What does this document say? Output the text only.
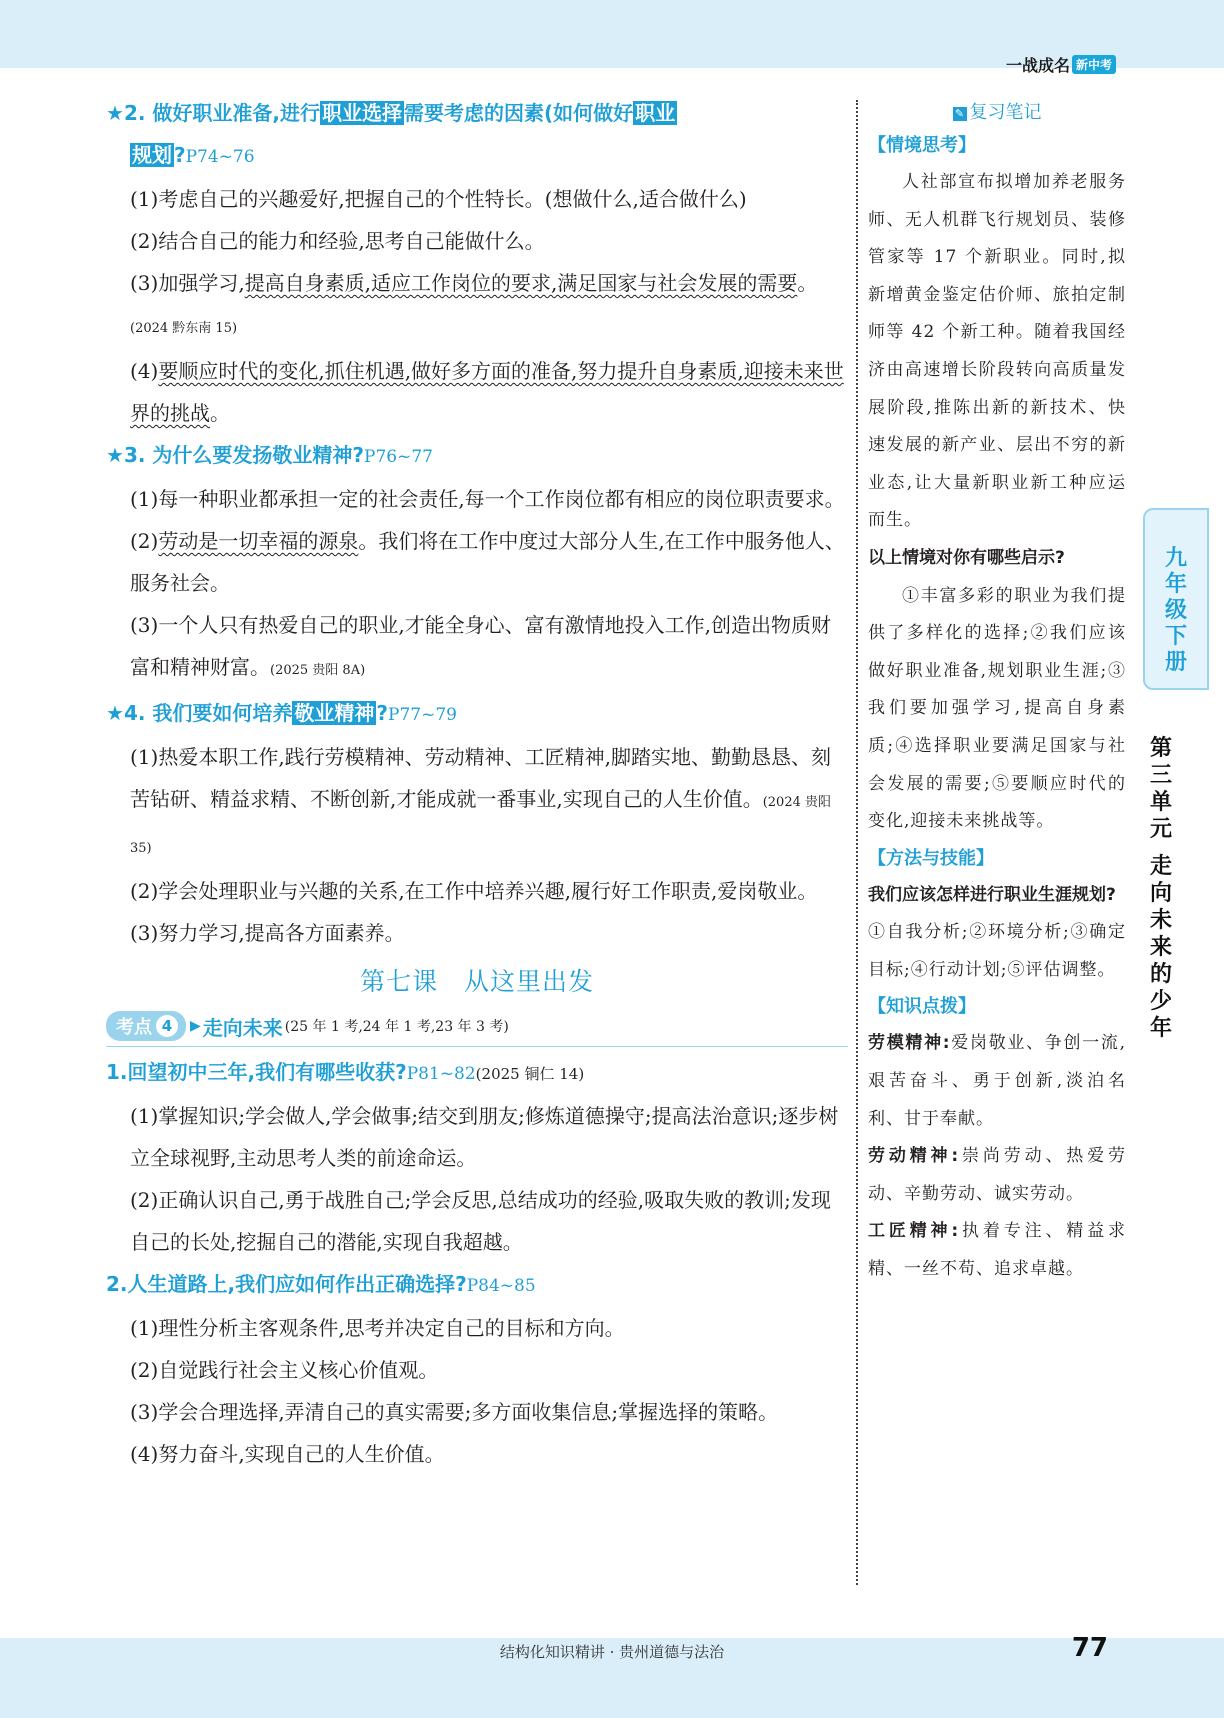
一战成名 新中考
★2. 做好职业准备,进行 职业选择 需要考虑的因素(如何做好 职业
规划 ?P74~76
(1)考虑自己的兴趣爱好,把握自己的个性特长。(想做什么,适合做什么)
(2)结合自己的能力和经验,思考自己能做什么。
(3)加强学习,提高自身素质,适应工作岗位的要求,满足国家与社会发展的需要。(2024 黔东南 15)
(4)要顺应时代的变化,抓住机遇,做好多方面的准备,努力提升自身素质,迎接未来世界的挑战。
★3. 为什么要发扬敬业精神?P76~77
(1)每一种职业都承担一定的社会责任,每一个工作岗位都有相应的岗位职责要求。
(2)劳动是一切幸福的源泉。我们将在工作中度过大部分人生,在工作中服务他人、服务社会。
(3)一个人只有热爱自己的职业,才能全身心、富有激情地投入工作,创造出物质财富和精神财富。(2025 贵阳 8A)
★4. 我们要如何培养 敬业精神 ?P77~79
(1)热爱本职工作,践行劳模精神、劳动精神、工匠精神,脚踏实地、勤勤恳恳、刻苦钻研、精益求精、不断创新,才能成就一番事业,实现自己的人生价值。(2024 贵阳 35)
(2)学会处理职业与兴趣的关系,在工作中培养兴趣,履行好工作职责,爱岗敬业。
(3)努力学习,提高各方面素养。
第七课　从这里出发
考点 4	▶ 走向未来 (25 年 1 考,24 年 1 考,23 年 3 考)
1.回望初中三年,我们有哪些收获?P81~82(2025 铜仁 14)
(1)掌握知识;学会做人,学会做事;结交到朋友;修炼道德操守;提高法治意识;逐步树立全球视野,主动思考人类的前途命运。
(2)正确认识自己,勇于战胜自己;学会反思,总结成功的经验,吸取失败的教训;发现自己的长处,挖掘自己的潜能,实现自我超越。
2.人生道路上,我们应如何作出正确选择?P84~85
(1)理性分析主客观条件,思考并决定自己的目标和方向。
(2)自觉践行社会主义核心价值观。
(3)学会合理选择,弄清自己的真实需要;多方面收集信息;掌握选择的策略。
(4)努力奋斗,实现自己的人生价值。
✎ 复习笔记
【情境思考】
人社部宣布拟增加养老服务师、无人机群飞行规划员、装修管家等 17 个新职业。同时,拟新增黄金鉴定估价师、旅拍定制师等 42 个新工种。随着我国经济由高速增长阶段转向高质量发展阶段,推陈出新的新技术、快速发展的新产业、层出不穷的新业态,让大量新职业新工种应运而生。
以上情境对你有哪些启示?
①丰富多彩的职业为我们提供了多样化的选择;②我们应该做好职业准备,规划职业生涯;③我们要加强学习,提高自身素质;④选择职业要满足国家与社会发展的需要;⑤要顺应时代的变化,迎接未来挑战等。
【方法与技能】
我们应该怎样进行职业生涯规划?
①自我分析;②环境分析;③确定目标;④行动计划;⑤评估调整。
【知识点拨】
劳模精神:爱岗敬业、争创一流,艰苦奋斗、勇于创新,淡泊名利、甘于奉献。
劳动精神:崇尚劳动、热爱劳动、辛勤劳动、诚实劳动。
工匠精神:执着专注、精益求精、一丝不苟、追求卓越。
九年级下册
第三单元
走向未来的少年
结构化知识精讲 · 贵州道德与法治	77
